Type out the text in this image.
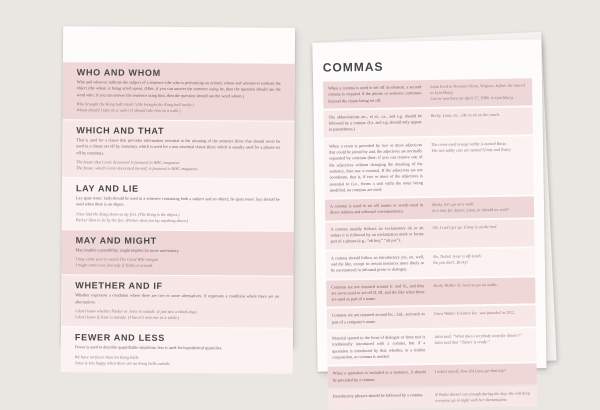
WHO AND WHOM

Who and whoever indicate the subject of a sentence (the who is performing an action); whom and whomever indicate the object (the whom is being acted upon). (Hint: if you can answer the sentence using he, then the question should use the word who; if you can answer the sentence using him, then the question should use the word whom.)

Who brought the Kong ball inside? (He brought the Kong ball inside.)
Whom should I take on a walk? (I should take him on a walk.)
WHICH AND THAT

That is used for a clause that provides information essential to the meaning of the sentence (hint: that should never be used in a clause set off by commas); which is used for a non-essential clause (hint: which is usually used for a phrase set off by commas).

The house that Genie decorated is featured in BHG magazine.
The house, which Genie decorated herself, is featured in BHG magazine.
LAY AND LIE

Lay (past tense: laid) should be used in a sentence containing both a subject and an object; lie (past tense: lay) should be used when there is no object.

Jesse laid the Kong down at my feet. (The Kong is the object.)
Parker likes to lie by the fire. (Parker does not lay anything down.)
MAY AND MIGHT

May implies a possibility; might implies far more uncertainty.

I may come over to watch The Good Wife tonight.
I might come over, but only if Tosha is around.
WHETHER AND IF

Whether expresses a condition where there are two or more alternatives; if expresses a condition where there are no alternatives.

I don't know whether Parker or Jesse is outside. (I just saw a black dog.)
I don't know if Jesse is outside. (I haven't seen her in a while.)
FEWER AND LESS

Fewer is used to describe quantifiable situations; less is used for hypothetical quantities.

We have no fewer than ten Kong balls.
Jesse is less happy when there are no Kong balls outside.
COMMAS

When a comma is used to set off an element, a second comma is required if the phrase or sentence continues beyond the clause being set off.

Lana lived in Newport News, Virginia, before she moved to Lynchburg.
Carrie was born on April 17, 1986, in Lynchburg.

The abbreviations etc., et al., i.e., and e.g. should be followed by a comma. (I.e. and e.g. should only appear in parentheses.)

Becky, Lana, etc., like to sit on the couch.

When a noun is preceded by two or more adjectives that could be joined by and, the adjectives are normally separated by commas (hint: if you can remove one of the adjectives without changing the meaning of the sentence, then use a comma). If the adjectives are not coordinate, that is, if two or more of the adjectives is essential to (i.e., forms a unit with) the noun being modified, no commas are used.

The cross-eyed orange tabby is named Rusty.
The two tabby cats are named Ginny and Rusty.

A comma is used to set off names or words used in direct address and informal correspondence.

Becky, let's go on a walk.
Is it time for dinner, Lana, or should we wait?

A comma usually follows an exclamatory oh or ah unless it is followed by an exclamation mark or forms part of a phrase (e.g., “oh boy,” “ah yes”).

Oh, I can't get up. Ginny is on the bed.

A comma should follow an introductory yes, no, well, and the like, except in certain instances more likely to be encountered in informal prose or dialogue.

No, Tosha! Jesse is off-leash.
No you don't, Becky!

Commas are not required around Jr. and Sr., and they are never used to set off II, III, and the like when these are used as part of a name.

Becky Walker Sr. loves to go on walks.

Commas are not required around Inc., Ltd., and such as part of a company's name.

Gava Walker Creative Inc. was founded in 2012.

Material quoted in the form of dialogue or from text is traditionally introduced with a comma, but if a quotation is introduced by that, whether, or a similar conjunction, no comma is needed.

Julia said, “What does everybody want for dinner?”
Julia said that “dinner is ready.”

When a quotation is included in a sentence, it should be preceded by a comma.

I asked myself, how did Lana get that big?

Introductory phrases should be followed by a comma.	If Tosha doesn't eat enough during the day, she will keep everyone up at night with her shenanigans.
